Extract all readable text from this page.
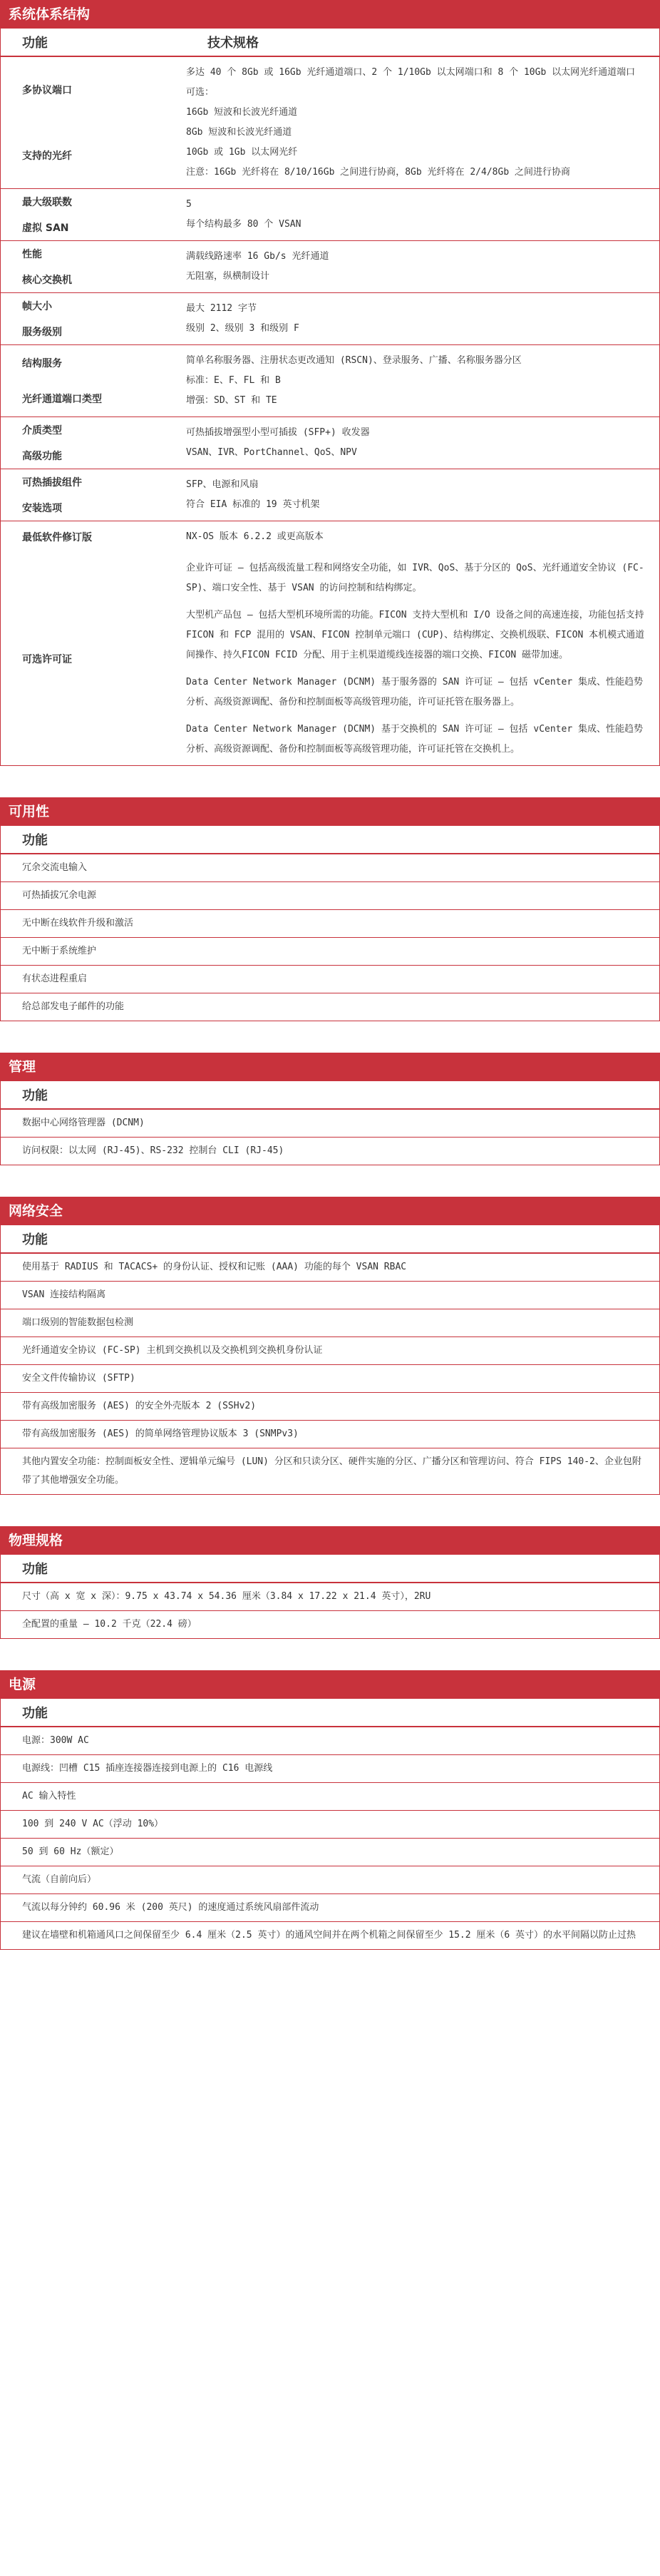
系统体系结构
功能	技术规格
多协议端口
支持的光纤
多达 40 个 8Gb 或 16Gb 光纤通道端口、2 个 1/10Gb 以太网端口和 8 个 10Gb 以太网光纤通道端口
可选：
16Gb 短波和长波光纤通道
8Gb 短波和长波光纤通道
10Gb 或 1Gb 以太网光纤
注意：16Gb 光纤将在 8/10/16Gb 之间进行协商，8Gb 光纤将在 2/4/8Gb 之间进行协商
最大级联数
虚拟 SAN
5
每个结构最多 80 个 VSAN
性能
核心交换机
满载线路速率 16 Gb/s 光纤通道
无阻塞，纵横制设计
帧大小
服务级别
最大 2112 字节
级别 2、级别 3 和级别 F
结构服务
光纤通道端口类型
简单名称服务器、注册状态更改通知 (RSCN)、登录服务、广播、名称服务器分区
标准：E、F、FL 和 B
增强：SD、ST 和 TE
介质类型
高级功能
可热插拔增强型小型可插拔 (SFP+) 收发器
VSAN、IVR、PortChannel、QoS、NPV
可热插拔组件
安装选项
SFP、电源和风扇
符合 EIA 标准的 19 英寸机架
最低软件修订版	NX-OS 版本 6.2.2 或更高版本
可选许可证

企业许可证 — 包括高级流量工程和网络安全功能，如 IVR、QoS、基于分区的 QoS、光纤通道安全协议 (FC-SP)、端口安全性、基于 VSAN 的访问控制和结构绑定。

大型机产品包 — 包括大型机环境所需的功能。FICON 支持大型机和 I/O 设备之间的高速连接，功能包括支持 FICON 和 FCP 混用的 VSAN、FICON 控制单元端口 (CUP)、结构绑定、交换机级联、FICON 本机模式通道间操作、持久FICON FCID 分配、用于主机渠道缆线连接器的端口交换、FICON 磁带加速。

Data Center Network Manager (DCNM) 基于服务器的 SAN 许可证 — 包括 vCenter 集成、性能趋势分析、高级资源调配、备份和控制面板等高级管理功能，许可证托管在服务器上。

Data Center Network Manager (DCNM) 基于交换机的 SAN 许可证 — 包括 vCenter 集成、性能趋势分析、高级资源调配、备份和控制面板等高级管理功能，许可证托管在交换机上。

可用性
功能
冗余交流电输入
可热插拔冗余电源
无中断在线软件升级和激活
无中断于系统维护
有状态进程重启
给总部发电子邮件的功能
管理
功能
数据中心网络管理器 (DCNM)
访问权限：以太网 (RJ-45)、RS-232 控制台 CLI (RJ-45)
网络安全
功能
使用基于 RADIUS 和 TACACS+ 的身份认证、授权和记账 (AAA) 功能的每个 VSAN RBAC
VSAN 连接结构隔离
端口级别的智能数据包检测
光纤通道安全协议 (FC-SP) 主机到交换机以及交换机到交换机身份认证
安全文件传输协议 (SFTP)
带有高级加密服务 (AES) 的安全外壳版本 2 (SSHv2)
带有高级加密服务 (AES) 的简单网络管理协议版本 3 (SNMPv3)
其他内置安全功能：控制面板安全性、逻辑单元编号 (LUN) 分区和只读分区、硬件实施的分区、广播分区和管理访问、符合 FIPS 140-2、企业包附带了其他增强安全功能。
物理规格
功能
尺寸（高 x 宽 x 深）：9.75 x 43.74 x 54.36 厘米（3.84 x 17.22 x 21.4 英寸），2RU
全配置的重量 — 10.2 千克（22.4 磅）
电源
功能
电源：300W AC
电源线：凹槽 C15 插座连接器连接到电源上的 C16 电源线
AC 输入特性
100 到 240 V AC（浮动 10%）
50 到 60 Hz（额定）
气流（自前向后）
气流以每分钟约 60.96 米 (200 英尺) 的速度通过系统风扇部件流动
建议在墙壁和机箱通风口之间保留至少 6.4 厘米（2.5 英寸）的通风空间并在两个机箱之间保留至少 15.2 厘米（6 英寸）的水平间隔以防止过热
